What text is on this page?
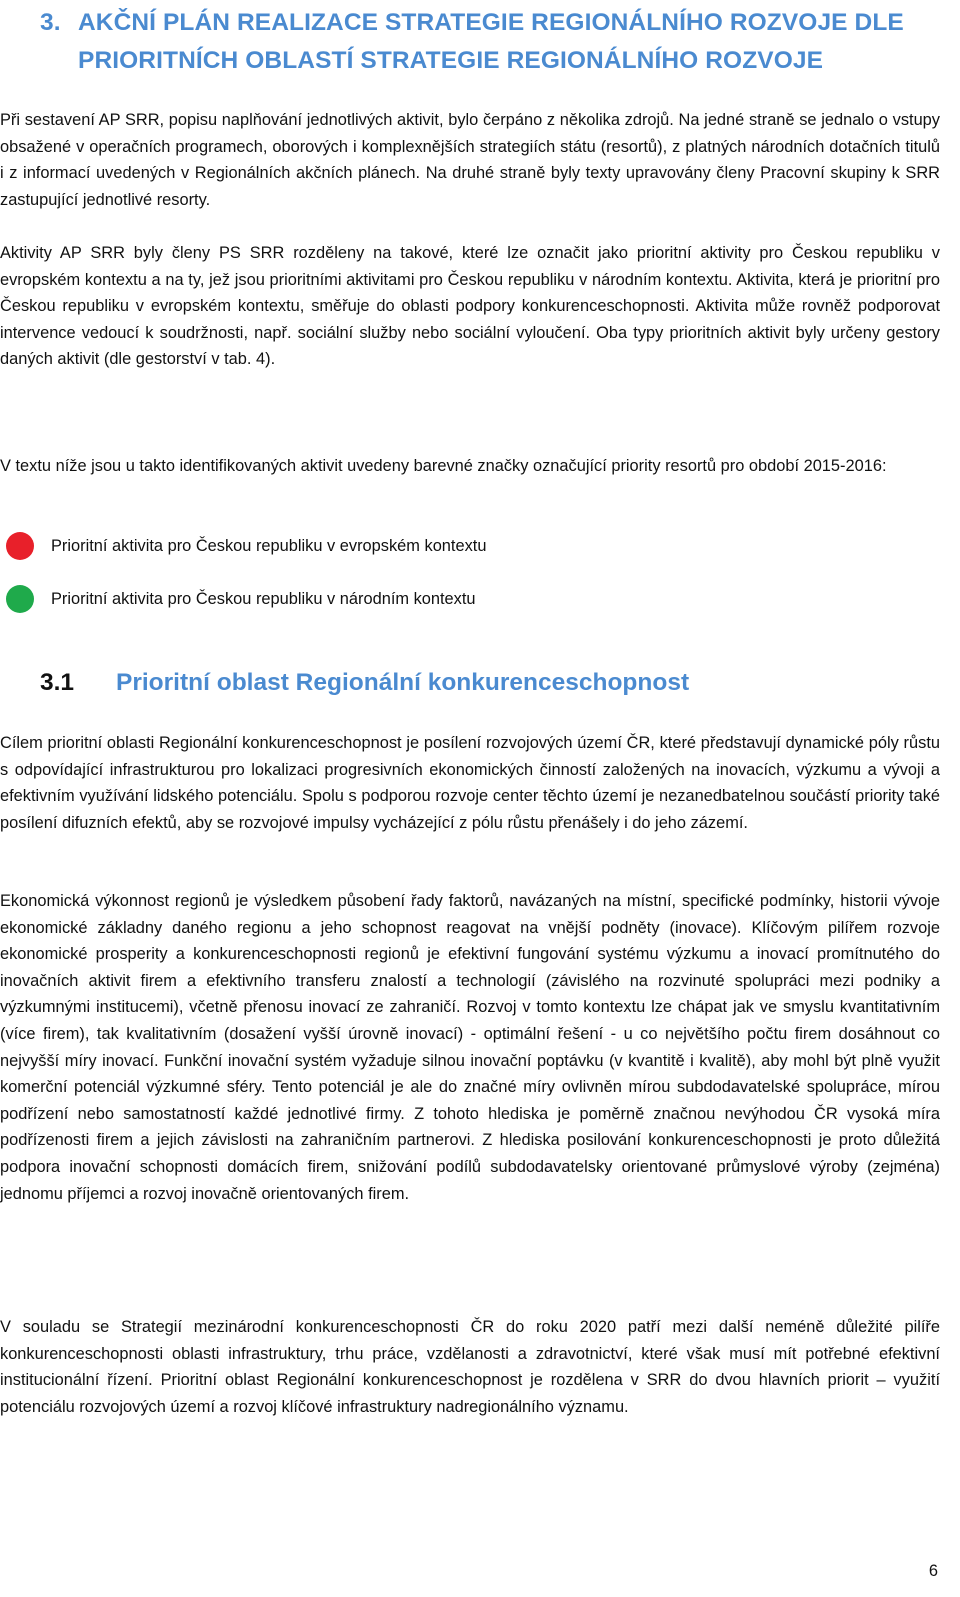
3. AKČNÍ PLÁN REALIZACE STRATEGIE REGIONÁLNÍHO ROZVOJE DLE
PRIORITNÍCH OBLASTÍ STRATEGIE REGIONÁLNÍHO ROZVOJE

Při sestavení AP SRR, popisu naplňování jednotlivých aktivit, bylo čerpáno z několika zdrojů. Na jedné straně se jednalo o vstupy obsažené v operačních programech, oborových i komplexnějších strategiích státu (resortů), z platných národních dotačních titulů i z informací uvedených v Regionálních akčních plánech. Na druhé straně byly texty upravovány členy Pracovní skupiny k SRR zastupující jednotlivé resorty.

Aktivity AP SRR byly členy PS SRR rozděleny na takové, které lze označit jako prioritní aktivity pro Českou republiku v evropském kontextu a na ty, jež jsou prioritními aktivitami pro Českou republiku v národním kontextu. Aktivita, která je prioritní pro Českou republiku v evropském kontextu, směřuje do oblasti podpory konkurenceschopnosti. Aktivita může rovněž podporovat intervence vedoucí k soudržnosti, např. sociální služby nebo sociální vyloučení. Oba typy prioritních aktivit byly určeny gestory daných aktivit (dle gestorství v tab. 4).

V textu níže jsou u takto identifikovaných aktivit uvedeny barevné značky označující priority resortů pro období 2015-2016:

Prioritní aktivita pro Českou republiku v evropském kontextu
Prioritní aktivita pro Českou republiku v národním kontextu
3.1 Prioritní oblast Regionální konkurenceschopnost

Cílem prioritní oblasti Regionální konkurenceschopnost je posílení rozvojových území ČR, které představují dynamické póly růstu s odpovídající infrastrukturou pro lokalizaci progresivních ekonomických činností založených na inovacích, výzkumu a vývoji a efektivním využívání lidského potenciálu. Spolu s podporou rozvoje center těchto území je nezanedbatelnou součástí priority také posílení difuzních efektů, aby se rozvojové impulsy vycházející z pólu růstu přenášely i do jeho zázemí.

Ekonomická výkonnost regionů je výsledkem působení řady faktorů, navázaných na místní, specifické podmínky, historii vývoje ekonomické základny daného regionu a jeho schopnost reagovat na vnější podněty (inovace). Klíčovým pilířem rozvoje ekonomické prosperity a konkurenceschopnosti regionů je efektivní fungování systému výzkumu a inovací promítnutého do inovačních aktivit firem a efektivního transferu znalostí a technologií (závislého na rozvinuté spolupráci mezi podniky a výzkumnými institucemi), včetně přenosu inovací ze zahraničí. Rozvoj v tomto kontextu lze chápat jak ve smyslu kvantitativním (více firem), tak kvalitativním (dosažení vyšší úrovně inovací) - optimální řešení - u co největšího počtu firem dosáhnout co nejvyšší míry inovací. Funkční inovační systém vyžaduje silnou inovační poptávku (v kvantitě i kvalitě), aby mohl být plně využit komerční potenciál výzkumné sféry. Tento potenciál je ale do značné míry ovlivněn mírou subdodavatelské spolupráce, mírou podřízení nebo samostatností každé jednotlivé firmy. Z tohoto hlediska je poměrně značnou nevýhodou ČR vysoká míra podřízenosti firem a jejich závislosti na zahraničním partnerovi. Z hlediska posilování konkurenceschopnosti je proto důležitá podpora inovační schopnosti domácích firem, snižování podílů subdodavatelsky orientované průmyslové výroby (zejména) jednomu příjemci a rozvoj inovačně orientovaných firem.

V souladu se Strategií mezinárodní konkurenceschopnosti ČR do roku 2020 patří mezi další neméně důležité pilíře konkurenceschopnosti oblasti infrastruktury, trhu práce, vzdělanosti a zdravotnictví, které však musí mít potřebné efektivní institucionální řízení. Prioritní oblast Regionální konkurenceschopnost je rozdělena v SRR do dvou hlavních priorit – využití potenciálu rozvojových území a rozvoj klíčové infrastruktury nadregionálního významu.

6
